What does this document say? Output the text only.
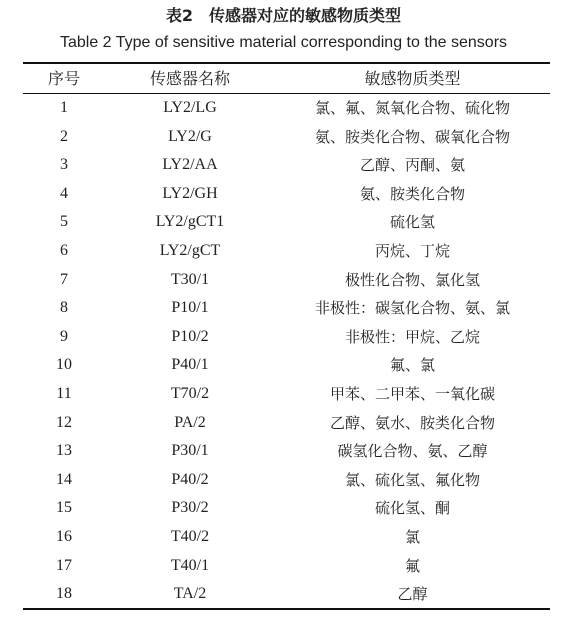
表2　传感器对应的敏感物质类型
Table 2 Type of sensitive material corresponding to the sensors
序号	传感器名称	敏感物质类型
1	LY2/LG	氯、氟、氮氧化合物、硫化物
2	LY2/G	氨、胺类化合物、碳氧化合物
3	LY2/AA	乙醇、丙酮、氨
4	LY2/GH	氨、胺类化合物
5	LY2/gCT1	硫化氢
6	LY2/gCT	丙烷、丁烷
7	T30/1	极性化合物、氯化氢
8	P10/1	非极性：碳氢化合物、氨、氯
9	P10/2	非极性：甲烷、乙烷
10	P40/1	氟、氯
11	T70/2	甲苯、二甲苯、一氧化碳
12	PA/2	乙醇、氨水、胺类化合物
13	P30/1	碳氢化合物、氨、乙醇
14	P40/2	氯、硫化氢、氟化物
15	P30/2	硫化氢、酮
16	T40/2	氯
17	T40/1	氟
18	TA/2	乙醇
